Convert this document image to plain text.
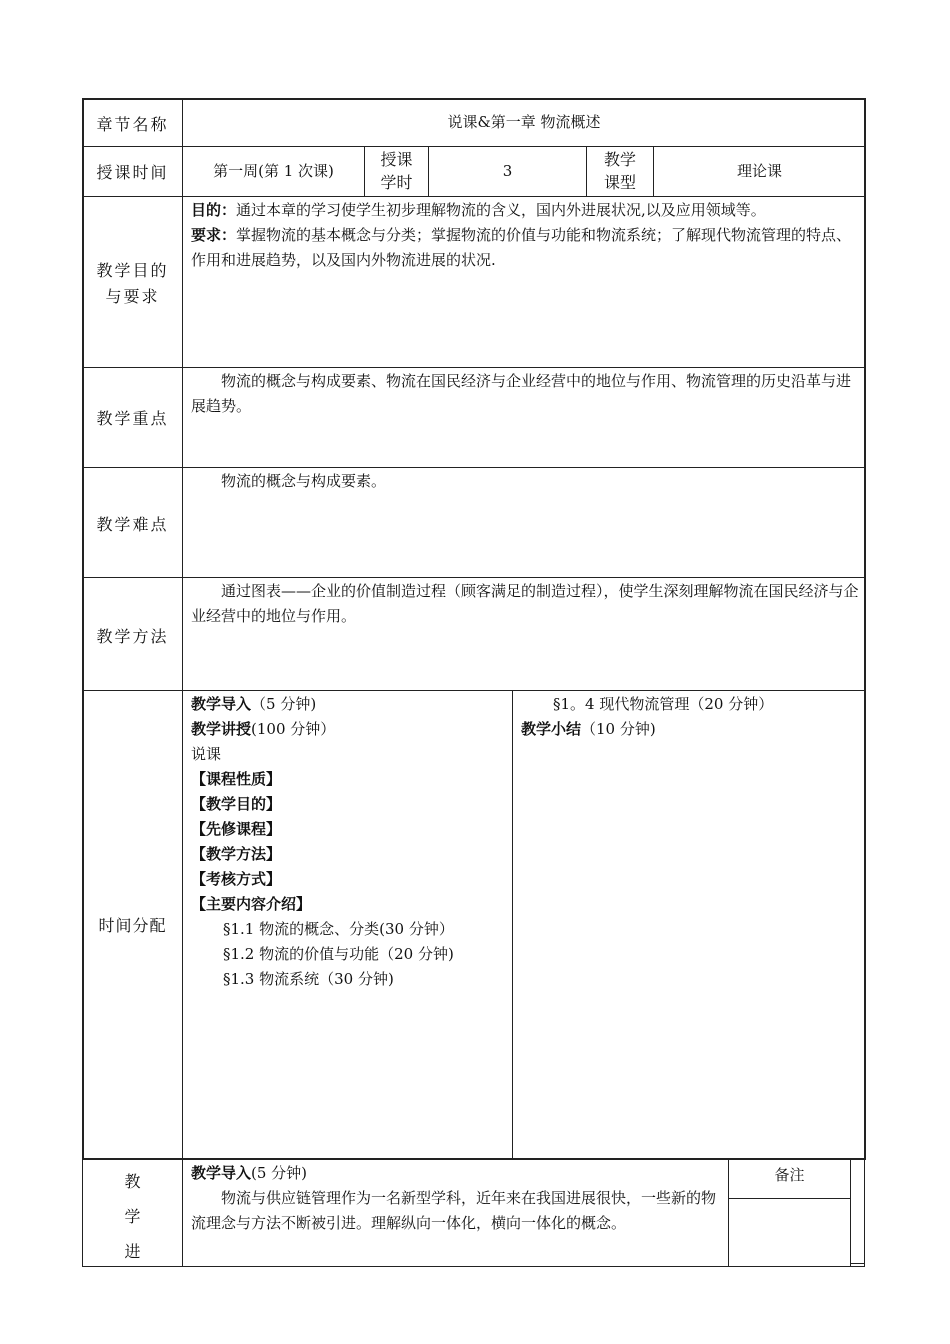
章节名称	说课&第一章 物流概述
授课时间	第一周(第 1 次课)
授课
学时
3
教学
课型
理论课
教学目的
与要求

目的：通过本章的学习使学生初步理解物流的含义，国内外进展状况,以及应用领域等。

要求：掌握物流的基本概念与分类；掌握物流的价值与功能和物流系统；了解现代物流管理的特点、作用和进展趋势，以及国内外物流进展的状况.

教学重点
物流的概念与构成要素、物流在国民经济与企业经营中的地位与作用、物流管理的历史沿革与进展趋势。
教学难点
物流的概念与构成要素。
教学方法
通过图表——企业的价值制造过程（顾客满足的制造过程），使学生深刻理解物流在国民经济与企业经营中的地位与作用。
时间分配
教学导入（5 分钟)
教学讲授(100 分钟）
说课
【课程性质】
【教学目的】
【先修课程】
【教学方法】
【考核方式】
【主要内容介绍】
§1.1 物流的概念、分类(30 分钟）
§1.2 物流的价值与功能（20 分钟)
§1.3 物流系统（30 分钟)
§1。4 现代物流管理（20 分钟）
教学小结（10 分钟)
教
学
进
教学导入(5 分钟)
物流与供应链管理作为一名新型学科，近年来在我国进展很快，一些新的物流理念与方法不断被引进。理解纵向一体化，横向一体化的概念。
备注
